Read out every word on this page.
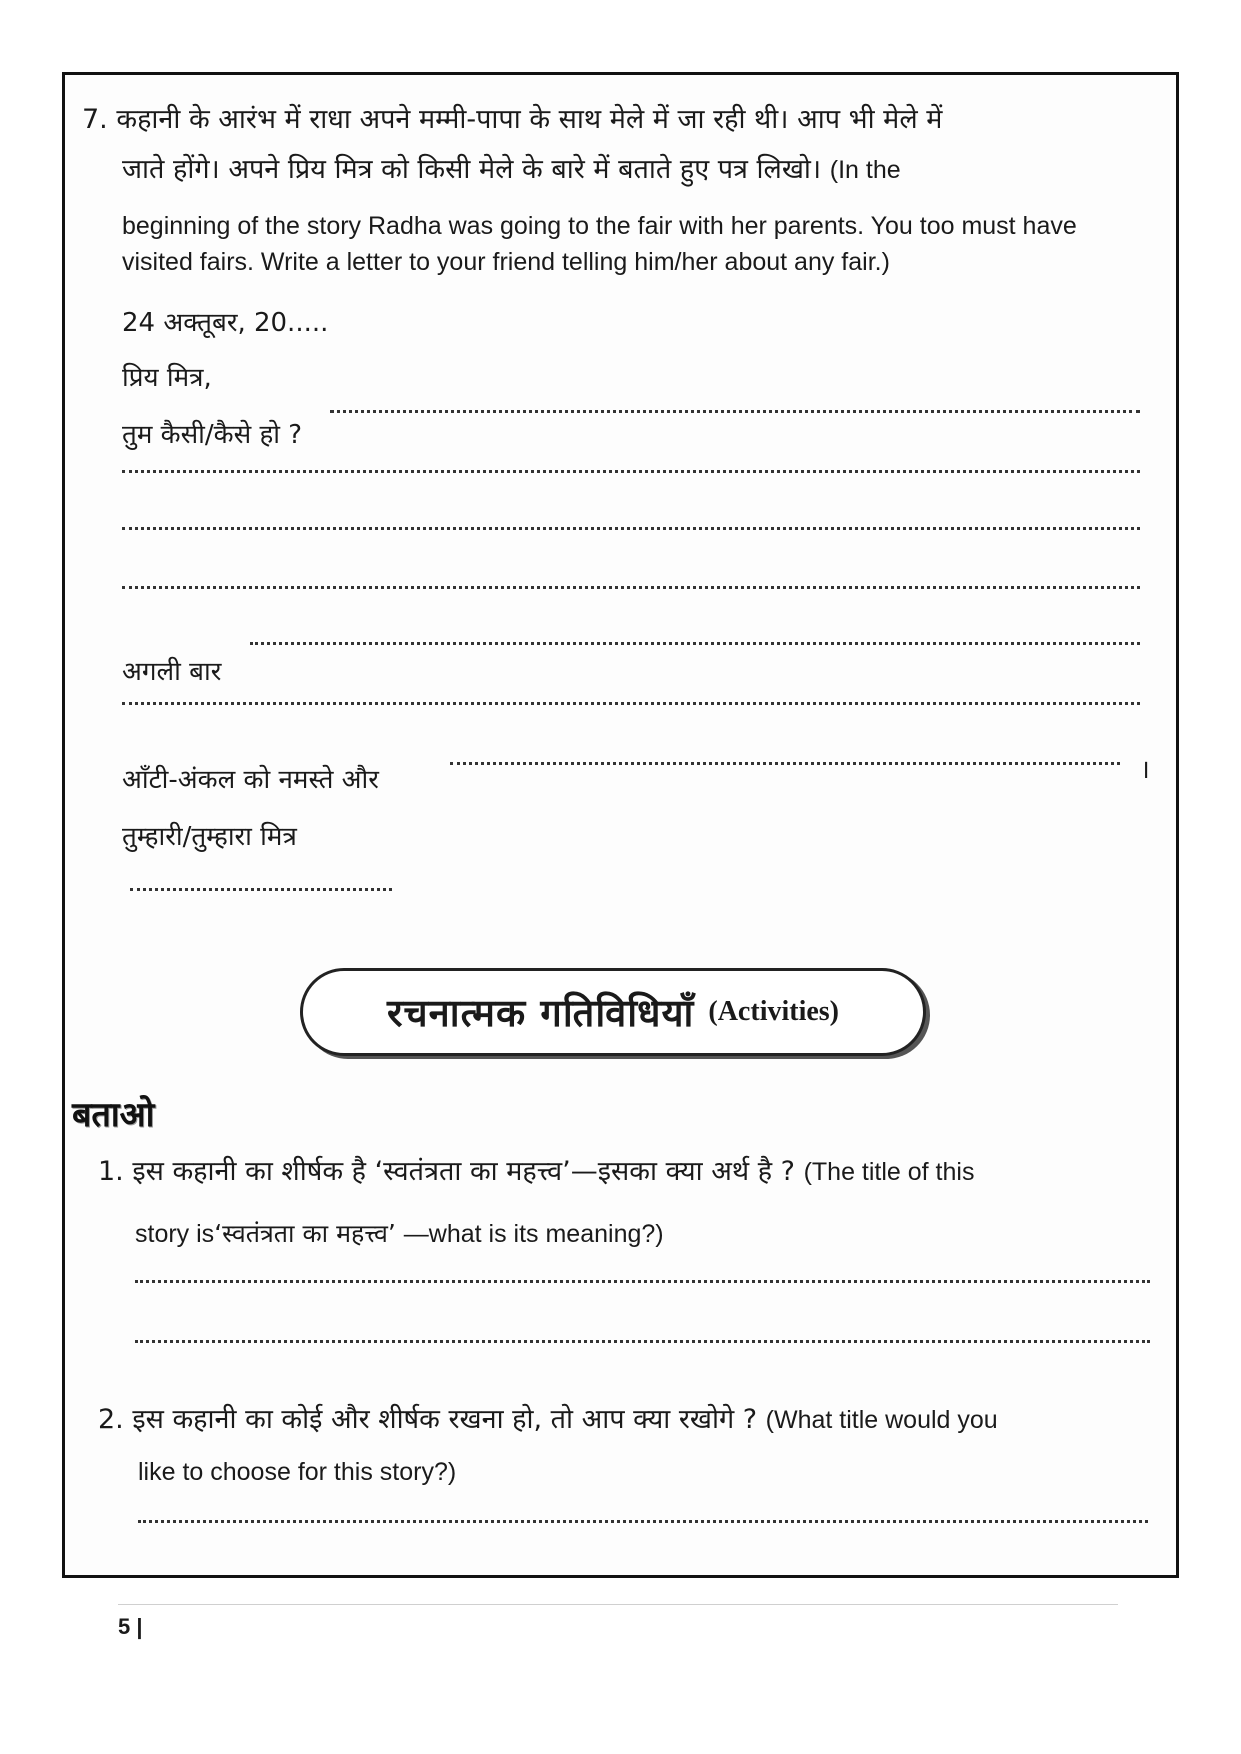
7. कहानी के आरंभ में राधा अपने मम्मी-पापा के साथ मेले में जा रही थी। आप भी मेले में
जाते होंगे। अपने प्रिय मित्र को किसी मेले के बारे में बताते हुए पत्र लिखो। (In the
beginning of the story Radha was going to the fair with her parents. You too must have
visited fairs. Write a letter to your friend telling him/her about any fair.)
24 अक्तूबर, 20.....
प्रिय मित्र,
तुम कैसी/कैसे हो ?
अगली बार
आँटी-अंकल को नमस्ते और	।
तुम्हारी/तुम्हारा मित्र
रचनात्मक गतिविधियाँ (Activities)
बताओ
1. इस कहानी का शीर्षक है ‘स्वतंत्रता का महत्त्व’—इसका क्या अर्थ है ? (The title of this
story is‘स्वतंत्रता का महत्त्व’ —what is its meaning?)
2. इस कहानी का कोई और शीर्षक रखना हो, तो आप क्या रखोगे ? (What title would you
like to choose for this story?)
5 |
